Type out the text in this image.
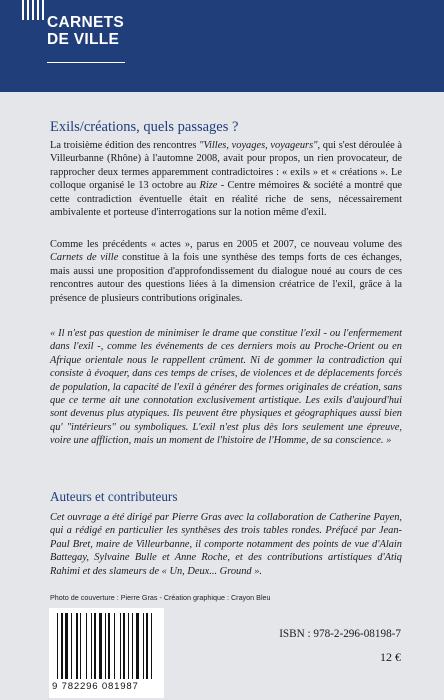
CARNETS
DE VILLE
Exils/créations, quels passages ?

La troisième édition des rencontres "Villes, voyages, voyageurs", qui s'est déroulée à Villeurbanne (Rhône) à l'automne 2008, avait pour propos, un rien provocateur, de rapprocher deux termes apparemment contradictoires : « exils » et « créations ». Le colloque organisé le 13 octobre au Rize - Centre mémoires & société a montré que cette contradiction éventuelle était en réalité riche de sens, nécessairement ambivalente et porteuse d'interrogations sur la notion même d'exil.

Comme les précédents « actes », parus en 2005 et 2007, ce nouveau volume des Carnets de ville constitue à la fois une synthèse des temps forts de ces échanges, mais aussi une proposition d'approfondissement du dialogue noué au cours de ces rencontres autour des questions liées à la dimension créatrice de l'exil, grâce à la présence de plusieurs contributions originales.

« Il n'est pas question de minimiser le drame que constitue l'exil - ou l'enfermement dans l'exil -, comme les événements de ces derniers mois au Proche-Orient ou en Afrique orientale nous le rappellent crûment. Ni de gommer la contradiction qui consiste à évoquer, dans ces temps de crises, de violences et de déplacements forcés de population, la capacité de l'exil à générer des formes originales de création, sans que ce terme ait une connotation exclusivement artistique. Les exils d'aujourd'hui sont devenus plus atypiques. Ils peuvent être physiques et géographiques aussi bien qu' "intérieurs" ou symboliques. L'exil n'est plus dès lors seulement une épreuve, voire une affliction, mais un moment de l'histoire de l'Homme, de sa conscience. »

Auteurs et contributeurs

Cet ouvrage a été dirigé par Pierre Gras avec la collaboration de Catherine Payen, qui a rédigé en particulier les synthèses des trois tables rondes. Préfacé par Jean-Paul Bret, maire de Villeurbanne, il comporte notamment des points de vue d'Alain Battegay, Sylvaine Bulle et Anne Roche, et des contributions artistiques d'Atiq Rahimi et des slameurs de « Un, Deux... Ground ».

Photo de couverture : Pierre Gras - Création graphique : Crayon Bleu
9 782296 081987
ISBN : 978-2-296-08198-7
12 €
